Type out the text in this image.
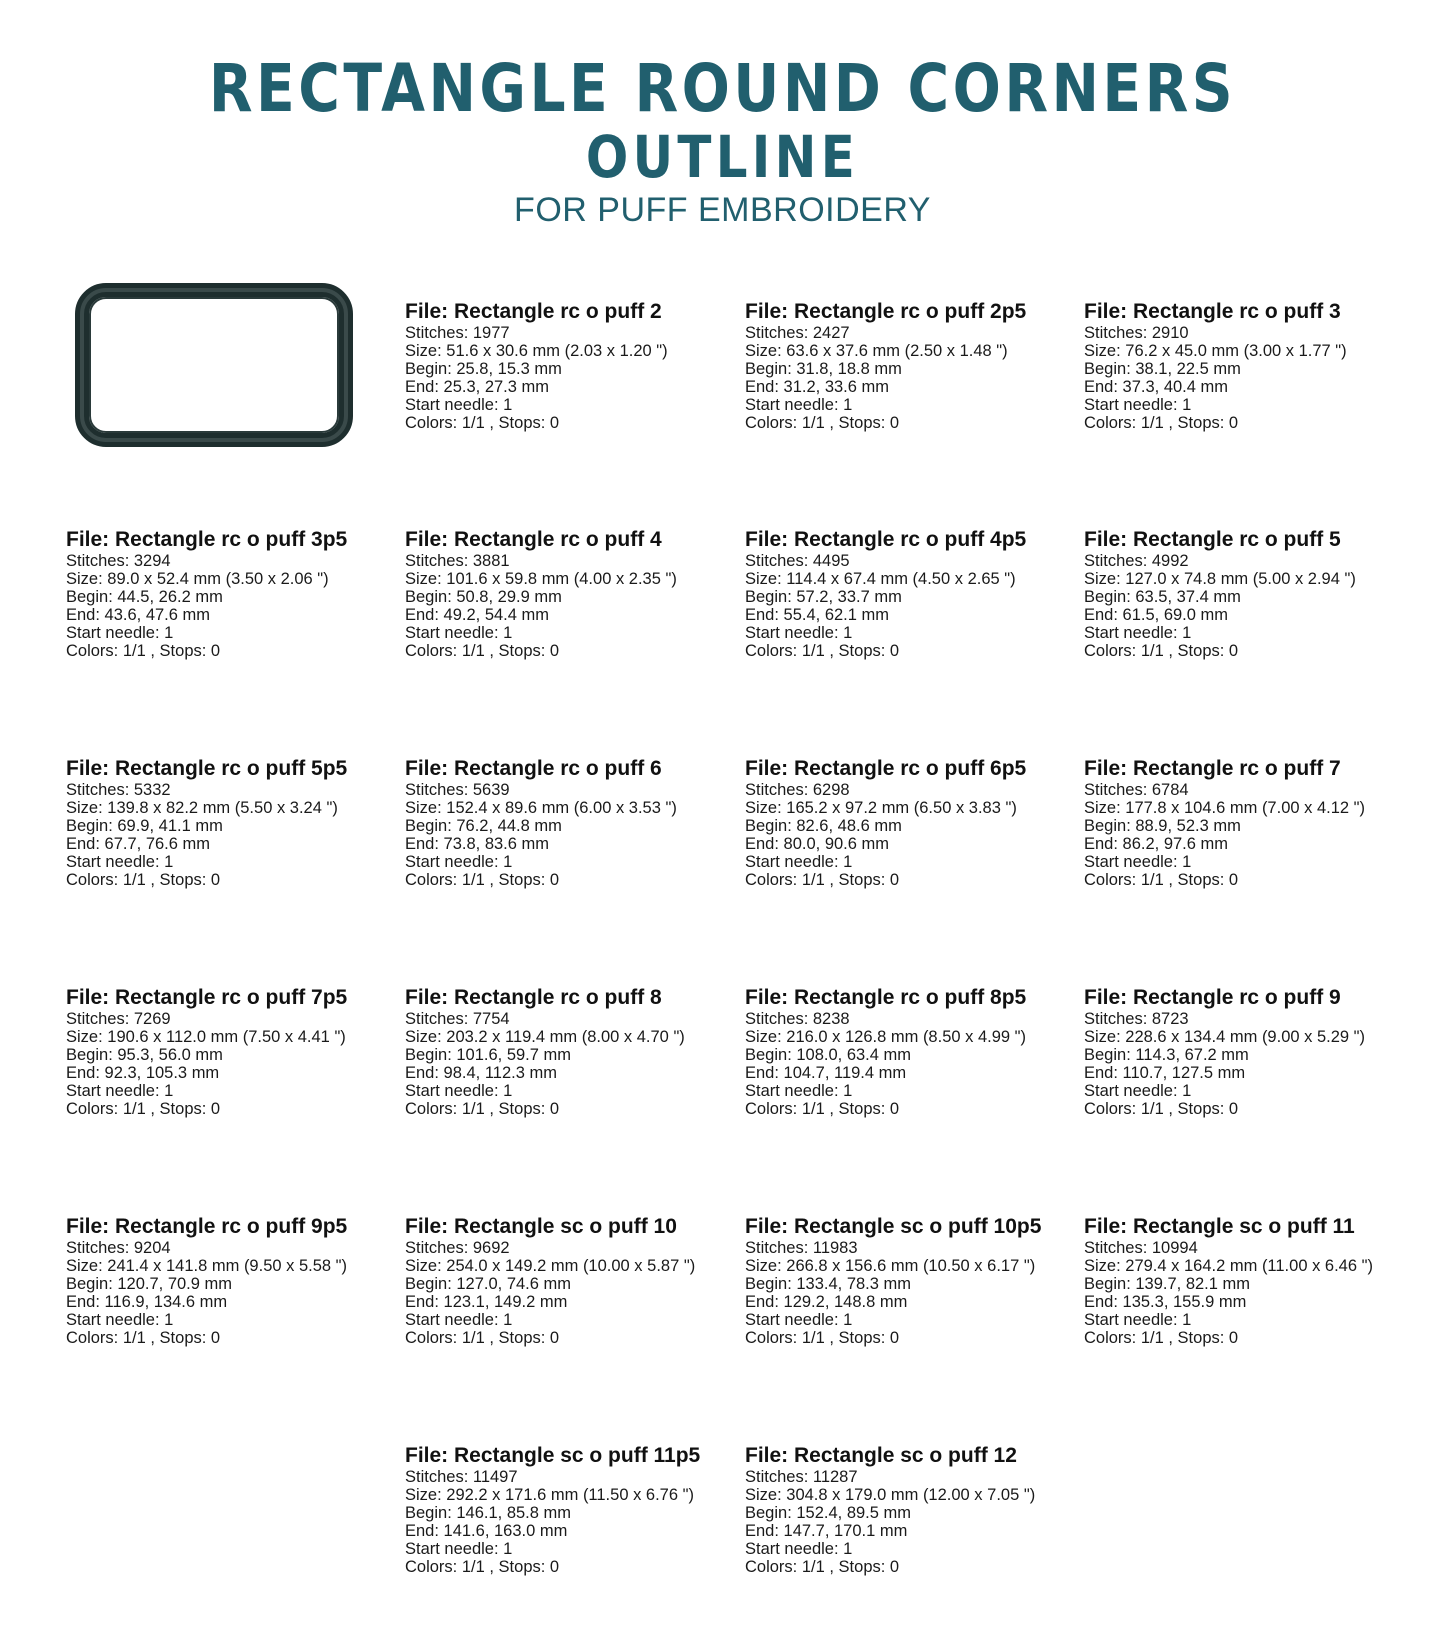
RECTANGLE ROUND CORNERS
OUTLINE
FOR PUFF EMBROIDERY
File: Rectangle rc o puff 2
Stitches: 1977
Size: 51.6 x 30.6 mm (2.03 x 1.20 ")
Begin: 25.8, 15.3 mm
End: 25.3, 27.3 mm
Start needle: 1
Colors: 1/1 , Stops: 0
File: Rectangle rc o puff 2p5
Stitches: 2427
Size: 63.6 x 37.6 mm (2.50 x 1.48 ")
Begin: 31.8, 18.8 mm
End: 31.2, 33.6 mm
Start needle: 1
Colors: 1/1 , Stops: 0
File: Rectangle rc o puff 3
Stitches: 2910
Size: 76.2 x 45.0 mm (3.00 x 1.77 ")
Begin: 38.1, 22.5 mm
End: 37.3, 40.4 mm
Start needle: 1
Colors: 1/1 , Stops: 0
File: Rectangle rc o puff 3p5
Stitches: 3294
Size: 89.0 x 52.4 mm (3.50 x 2.06 ")
Begin: 44.5, 26.2 mm
End: 43.6, 47.6 mm
Start needle: 1
Colors: 1/1 , Stops: 0
File: Rectangle rc o puff 4
Stitches: 3881
Size: 101.6 x 59.8 mm (4.00 x 2.35 ")
Begin: 50.8, 29.9 mm
End: 49.2, 54.4 mm
Start needle: 1
Colors: 1/1 , Stops: 0
File: Rectangle rc o puff 4p5
Stitches: 4495
Size: 114.4 x 67.4 mm (4.50 x 2.65 ")
Begin: 57.2, 33.7 mm
End: 55.4, 62.1 mm
Start needle: 1
Colors: 1/1 , Stops: 0
File: Rectangle rc o puff 5
Stitches: 4992
Size: 127.0 x 74.8 mm (5.00 x 2.94 ")
Begin: 63.5, 37.4 mm
End: 61.5, 69.0 mm
Start needle: 1
Colors: 1/1 , Stops: 0
File: Rectangle rc o puff 5p5
Stitches: 5332
Size: 139.8 x 82.2 mm (5.50 x 3.24 ")
Begin: 69.9, 41.1 mm
End: 67.7, 76.6 mm
Start needle: 1
Colors: 1/1 , Stops: 0
File: Rectangle rc o puff 6
Stitches: 5639
Size: 152.4 x 89.6 mm (6.00 x 3.53 ")
Begin: 76.2, 44.8 mm
End: 73.8, 83.6 mm
Start needle: 1
Colors: 1/1 , Stops: 0
File: Rectangle rc o puff 6p5
Stitches: 6298
Size: 165.2 x 97.2 mm (6.50 x 3.83 ")
Begin: 82.6, 48.6 mm
End: 80.0, 90.6 mm
Start needle: 1
Colors: 1/1 , Stops: 0
File: Rectangle rc o puff 7
Stitches: 6784
Size: 177.8 x 104.6 mm (7.00 x 4.12 ")
Begin: 88.9, 52.3 mm
End: 86.2, 97.6 mm
Start needle: 1
Colors: 1/1 , Stops: 0
File: Rectangle rc o puff 7p5
Stitches: 7269
Size: 190.6 x 112.0 mm (7.50 x 4.41 ")
Begin: 95.3, 56.0 mm
End: 92.3, 105.3 mm
Start needle: 1
Colors: 1/1 , Stops: 0
File: Rectangle rc o puff 8
Stitches: 7754
Size: 203.2 x 119.4 mm (8.00 x 4.70 ")
Begin: 101.6, 59.7 mm
End: 98.4, 112.3 mm
Start needle: 1
Colors: 1/1 , Stops: 0
File: Rectangle rc o puff 8p5
Stitches: 8238
Size: 216.0 x 126.8 mm (8.50 x 4.99 ")
Begin: 108.0, 63.4 mm
End: 104.7, 119.4 mm
Start needle: 1
Colors: 1/1 , Stops: 0
File: Rectangle rc o puff 9
Stitches: 8723
Size: 228.6 x 134.4 mm (9.00 x 5.29 ")
Begin: 114.3, 67.2 mm
End: 110.7, 127.5 mm
Start needle: 1
Colors: 1/1 , Stops: 0
File: Rectangle rc o puff 9p5
Stitches: 9204
Size: 241.4 x 141.8 mm (9.50 x 5.58 ")
Begin: 120.7, 70.9 mm
End: 116.9, 134.6 mm
Start needle: 1
Colors: 1/1 , Stops: 0
File: Rectangle sc o puff 10
Stitches: 9692
Size: 254.0 x 149.2 mm (10.00 x 5.87 ")
Begin: 127.0, 74.6 mm
End: 123.1, 149.2 mm
Start needle: 1
Colors: 1/1 , Stops: 0
File: Rectangle sc o puff 10p5
Stitches: 11983
Size: 266.8 x 156.6 mm (10.50 x 6.17 ")
Begin: 133.4, 78.3 mm
End: 129.2, 148.8 mm
Start needle: 1
Colors: 1/1 , Stops: 0
File: Rectangle sc o puff 11
Stitches: 10994
Size: 279.4 x 164.2 mm (11.00 x 6.46 ")
Begin: 139.7, 82.1 mm
End: 135.3, 155.9 mm
Start needle: 1
Colors: 1/1 , Stops: 0
File: Rectangle sc o puff 11p5
Stitches: 11497
Size: 292.2 x 171.6 mm (11.50 x 6.76 ")
Begin: 146.1, 85.8 mm
End: 141.6, 163.0 mm
Start needle: 1
Colors: 1/1 , Stops: 0
File: Rectangle sc o puff 12
Stitches: 11287
Size: 304.8 x 179.0 mm (12.00 x 7.05 ")
Begin: 152.4, 89.5 mm
End: 147.7, 170.1 mm
Start needle: 1
Colors: 1/1 , Stops: 0
